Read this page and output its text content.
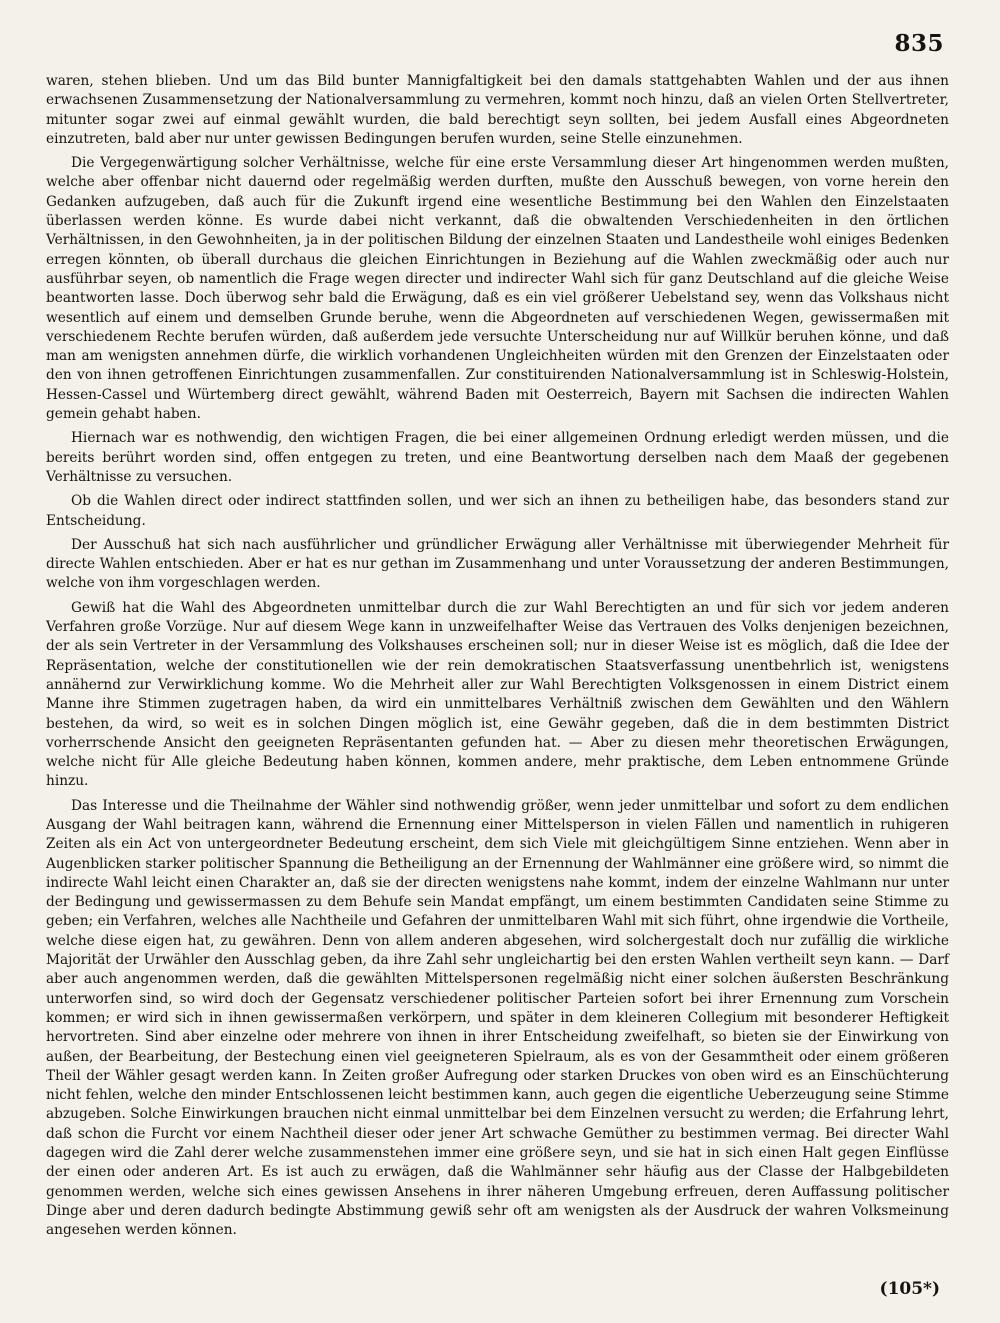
835

waren, stehen blieben. Und um das Bild bunter Mannigfaltigkeit bei den damals stattgehabten Wahlen und der aus ihnen erwachsenen Zusammensetzung der Nationalversammlung zu vermehren, kommt noch hinzu, daß an vielen Orten Stellvertreter, mitunter sogar zwei auf einmal gewählt wurden, die bald berechtigt seyn sollten, bei jedem Ausfall eines Abgeordneten einzutreten, bald aber nur unter gewissen Bedingungen berufen wurden, seine Stelle einzunehmen.

Die Vergegenwärtigung solcher Verhältnisse, welche für eine erste Versammlung dieser Art hingenommen werden mußten, welche aber offenbar nicht dauernd oder regelmäßig werden durften, mußte den Ausschuß bewegen, von vorne herein den Gedanken aufzugeben, daß auch für die Zukunft irgend eine wesentliche Bestimmung bei den Wahlen den Einzelstaaten überlassen werden könne. Es wurde dabei nicht verkannt, daß die obwaltenden Verschiedenheiten in den örtlichen Verhältnissen, in den Gewohnheiten, ja in der politischen Bildung der einzelnen Staaten und Landestheile wohl einiges Bedenken erregen könnten, ob überall durchaus die gleichen Einrichtungen in Beziehung auf die Wahlen zweckmäßig oder auch nur ausführbar seyen, ob namentlich die Frage wegen directer und indirecter Wahl sich für ganz Deutschland auf die gleiche Weise beantworten lasse. Doch überwog sehr bald die Erwägung, daß es ein viel größerer Uebelstand sey, wenn das Volkshaus nicht wesentlich auf einem und demselben Grunde beruhe, wenn die Abgeordneten auf verschiedenen Wegen, gewissermaßen mit verschiedenem Rechte berufen würden, daß außerdem jede versuchte Unterscheidung nur auf Willkür beruhen könne, und daß man am wenigsten annehmen dürfe, die wirklich vorhandenen Ungleichheiten würden mit den Grenzen der Einzelstaaten oder den von ihnen getroffenen Einrichtungen zusammenfallen. Zur constituirenden Nationalversammlung ist in Schleswig-Holstein, Hessen-Cassel und Würtemberg direct gewählt, während Baden mit Oesterreich, Bayern mit Sachsen die indirecten Wahlen gemein gehabt haben.

Hiernach war es nothwendig, den wichtigen Fragen, die bei einer allgemeinen Ordnung erledigt werden müssen, und die bereits berührt worden sind, offen entgegen zu treten, und eine Beantwortung derselben nach dem Maaß der gegebenen Verhältnisse zu versuchen.

Ob die Wahlen direct oder indirect stattfinden sollen, und wer sich an ihnen zu betheiligen habe, das besonders stand zur Entscheidung.

Der Ausschuß hat sich nach ausführlicher und gründlicher Erwägung aller Verhältnisse mit überwiegender Mehrheit für directe Wahlen entschieden. Aber er hat es nur gethan im Zusammenhang und unter Voraussetzung der anderen Bestimmungen, welche von ihm vorgeschlagen werden.

Gewiß hat die Wahl des Abgeordneten unmittelbar durch die zur Wahl Berechtigten an und für sich vor jedem anderen Verfahren große Vorzüge. Nur auf diesem Wege kann in unzweifelhafter Weise das Vertrauen des Volks denjenigen bezeichnen, der als sein Vertreter in der Versammlung des Volkshauses erscheinen soll; nur in dieser Weise ist es möglich, daß die Idee der Repräsentation, welche der constitutionellen wie der rein demokratischen Staatsverfassung unentbehrlich ist, wenigstens annähernd zur Verwirklichung komme. Wo die Mehrheit aller zur Wahl Berechtigten Volksgenossen in einem District einem Manne ihre Stimmen zugetragen haben, da wird ein unmittelbares Verhältniß zwischen dem Gewählten und den Wählern bestehen, da wird, so weit es in solchen Dingen möglich ist, eine Gewähr gegeben, daß die in dem bestimmten District vorherrschende Ansicht den geeigneten Repräsentanten gefunden hat. — Aber zu diesen mehr theoretischen Erwägungen, welche nicht für Alle gleiche Bedeutung haben können, kommen andere, mehr praktische, dem Leben entnommene Gründe hinzu.

Das Interesse und die Theilnahme der Wähler sind nothwendig größer, wenn jeder unmittelbar und sofort zu dem endlichen Ausgang der Wahl beitragen kann, während die Ernennung einer Mittelsperson in vielen Fällen und namentlich in ruhigeren Zeiten als ein Act von untergeordneter Bedeutung erscheint, dem sich Viele mit gleichgültigem Sinne entziehen. Wenn aber in Augenblicken starker politischer Spannung die Betheiligung an der Ernennung der Wahlmänner eine größere wird, so nimmt die indirecte Wahl leicht einen Charakter an, daß sie der directen wenigstens nahe kommt, indem der einzelne Wahlmann nur unter der Bedingung und gewissermassen zu dem Behufe sein Mandat empfängt, um einem bestimmten Candidaten seine Stimme zu geben; ein Verfahren, welches alle Nachtheile und Gefahren der unmittelbaren Wahl mit sich führt, ohne irgendwie die Vortheile, welche diese eigen hat, zu gewähren. Denn von allem anderen abgesehen, wird solchergestalt doch nur zufällig die wirkliche Majorität der Urwähler den Ausschlag geben, da ihre Zahl sehr ungleichartig bei den ersten Wahlen vertheilt seyn kann. — Darf aber auch angenommen werden, daß die gewählten Mittelspersonen regelmäßig nicht einer solchen äußersten Beschränkung unterworfen sind, so wird doch der Gegensatz verschiedener politischer Parteien sofort bei ihrer Ernennung zum Vorschein kommen; er wird sich in ihnen gewissermaßen verkörpern, und später in dem kleineren Collegium mit besonderer Heftigkeit hervortreten. Sind aber einzelne oder mehrere von ihnen in ihrer Entscheidung zweifelhaft, so bieten sie der Einwirkung von außen, der Bearbeitung, der Bestechung einen viel geeigneteren Spielraum, als es von der Gesammtheit oder einem größeren Theil der Wähler gesagt werden kann. In Zeiten großer Aufregung oder starken Druckes von oben wird es an Einschüchterung nicht fehlen, welche den minder Entschlossenen leicht bestimmen kann, auch gegen die eigentliche Ueberzeugung seine Stimme abzugeben. Solche Einwirkungen brauchen nicht einmal unmittelbar bei dem Einzelnen versucht zu werden; die Erfahrung lehrt, daß schon die Furcht vor einem Nachtheil dieser oder jener Art schwache Gemüther zu bestimmen vermag. Bei directer Wahl dagegen wird die Zahl derer welche zusammenstehen immer eine größere seyn, und sie hat in sich einen Halt gegen Einflüsse der einen oder anderen Art. Es ist auch zu erwägen, daß die Wahlmänner sehr häufig aus der Classe der Halbgebildeten genommen werden, welche sich eines gewissen Ansehens in ihrer näheren Umgebung erfreuen, deren Auffassung politischer Dinge aber und deren dadurch bedingte Abstimmung gewiß sehr oft am wenigsten als der Ausdruck der wahren Volksmeinung angesehen werden können.

(105*)
